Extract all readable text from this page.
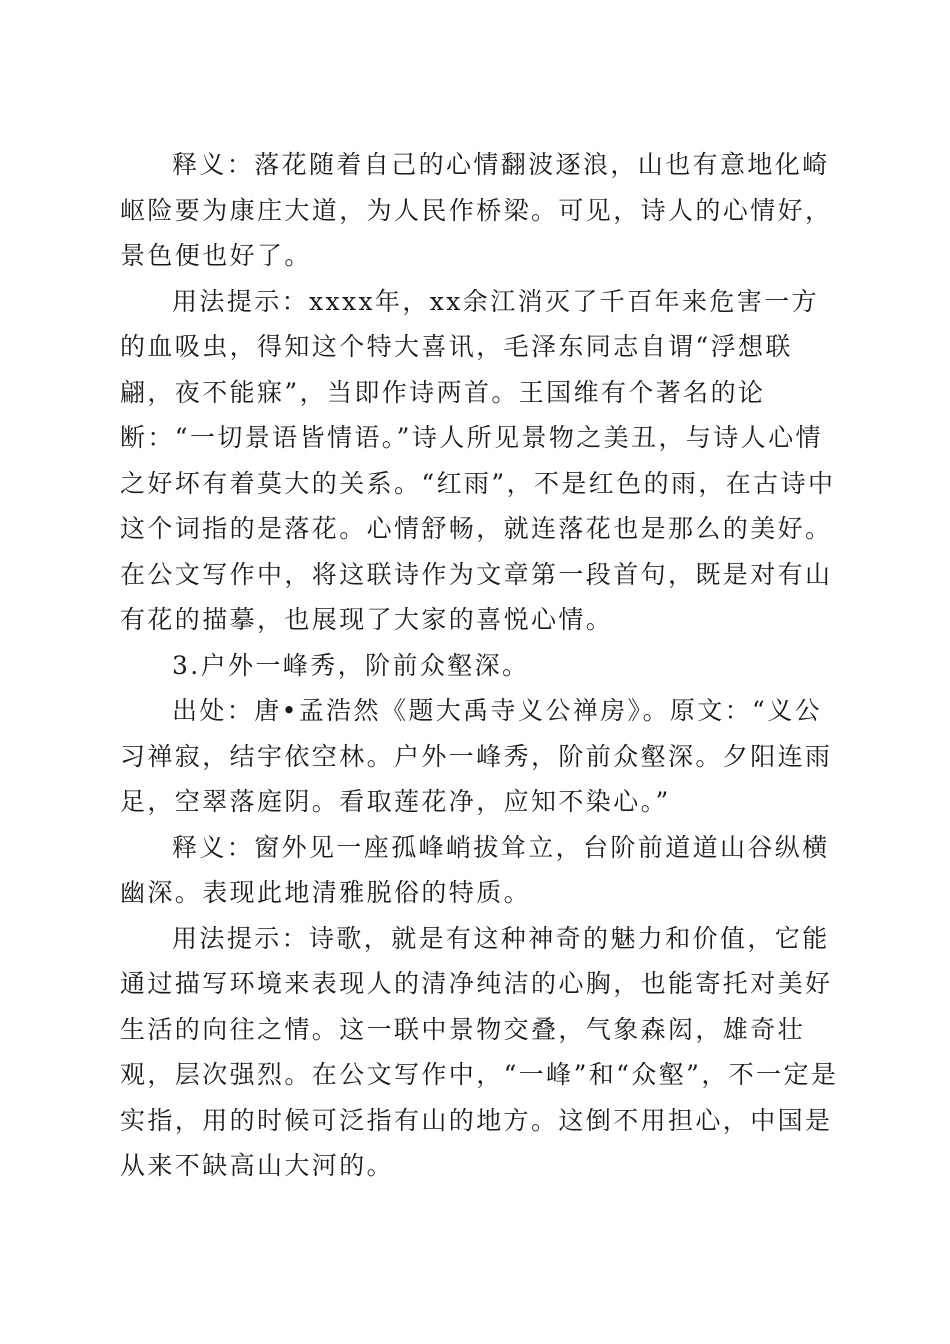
释义：落花随着自己的心情翻波逐浪，山也有意地化崎岖险要为康庄大道，为人民作桥梁。可见，诗人的心情好，景色便也好了。

用法提示：xxxx年，xx余江消灭了千百年来危害一方的血吸虫，得知这个特大喜讯，毛泽东同志自谓“浮想联翩，夜不能寐”，当即作诗两首。王国维有个著名的论断：“一切景语皆情语。”诗人所见景物之美丑，与诗人心情之好坏有着莫大的关系。“红雨”，不是红色的雨，在古诗中这个词指的是落花。心情舒畅，就连落花也是那么的美好。在公文写作中，将这联诗作为文章第一段首句，既是对有山有花的描摹，也展现了大家的喜悦心情。

3.户外一峰秀，阶前众壑深。

出处：唐•孟浩然《题大禹寺义公禅房》。原文：“义公习禅寂，结宇依空林。户外一峰秀，阶前众壑深。夕阳连雨足，空翠落庭阴。看取莲花净，应知不染心。”

释义：窗外见一座孤峰峭拔耸立，台阶前道道山谷纵横幽深。表现此地清雅脱俗的特质。

用法提示：诗歌，就是有这种神奇的魅力和价值，它能通过描写环境来表现人的清净纯洁的心胸，也能寄托对美好生活的向往之情。这一联中景物交叠，气象森闳，雄奇壮观，层次强烈。在公文写作中，“一峰”和“众壑”，不一定是实指，用的时候可泛指有山的地方。这倒不用担心，中国是从来不缺高山大河的。
